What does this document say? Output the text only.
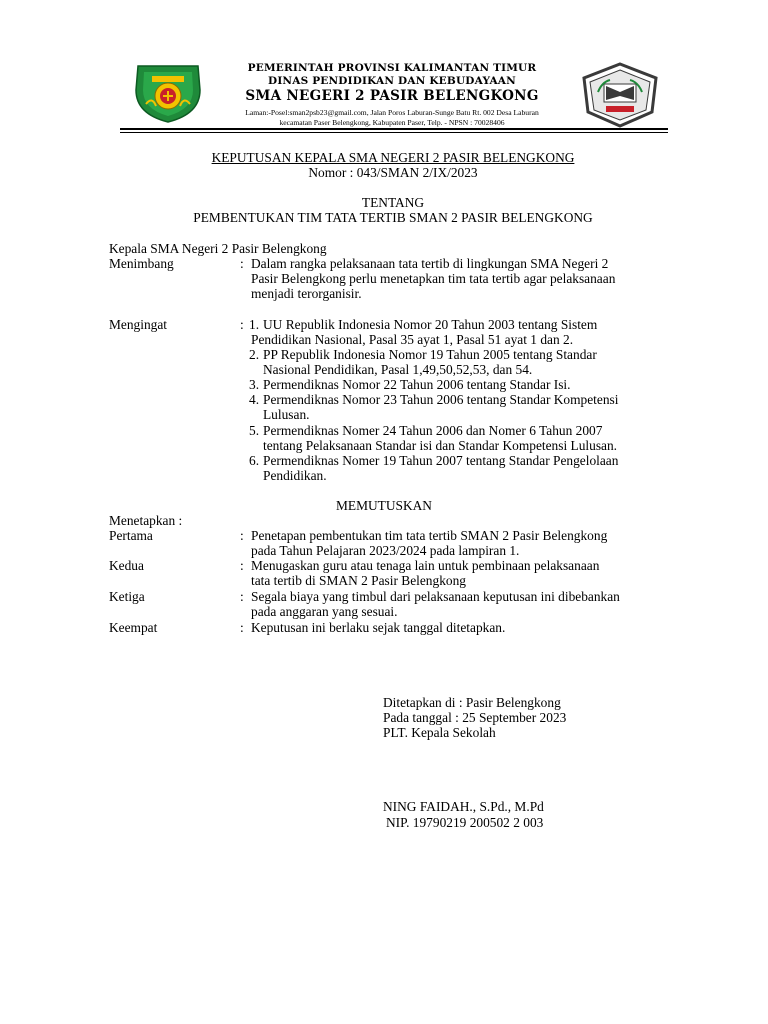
PEMERINTAH PROVINSI KALIMANTAN TIMUR
DINAS PENDIDIKAN DAN KEBUDAYAAN
SMA NEGERI 2 PASIR BELENGKONG
Laman:-Posel:sman2psb23@gmail.com, Jalan Poros Laburan-Sunge Batu Rt. 002 Desa Laburan
kecamatan Paser Belengkong, Kabupaten Paser, Telp. - NPSN : 70028406
KEPUTUSAN KEPALA SMA NEGERI 2 PASIR BELENGKONG
Nomor : 043/SMAN 2/IX/2023
TENTANG
PEMBENTUKAN TIM TATA TERTIB SMAN 2 PASIR BELENGKONG
Kepala SMA Negeri 2 Pasir Belengkong
Menimbang	: Dalam rangka pelaksanaan tata tertib di lingkungan SMA Negeri 2
Pasir Belengkong perlu menetapkan tim tata tertib agar pelaksanaan
menjadi terorganisir.
Mengingat	: 1. UU Republik Indonesia Nomor 20 Tahun 2003 tentang Sistem
Pendidikan Nasional, Pasal 35 ayat 1, Pasal 51 ayat 1 dan 2.
2. PP Republik Indonesia Nomor 19 Tahun 2005 tentang Standar
Nasional Pendidikan, Pasal 1,49,50,52,53, dan 54.
3. Permendiknas Nomor 22 Tahun 2006 tentang Standar Isi.
4. Permendiknas Nomor 23 Tahun 2006 tentang Standar Kompetensi
Lulusan.
5. Permendiknas Nomer 24 Tahun 2006 dan Nomer 6 Tahun 2007
tentang Pelaksanaan Standar isi dan Standar Kompetensi Lulusan.
6. Permendiknas Nomer 19 Tahun 2007 tentang Standar Pengelolaan
Pendidikan.
MEMUTUSKAN
Menetapkan :
Pertama	: Penetapan pembentukan tim tata tertib SMAN 2 Pasir Belengkong
pada Tahun Pelajaran 2023/2024 pada lampiran 1.
Kedua	: Menugaskan guru atau tenaga lain untuk pembinaan pelaksanaan
tata tertib di SMAN 2 Pasir Belengkong
Ketiga	: Segala biaya yang timbul dari pelaksanaan keputusan ini dibebankan
pada anggaran yang sesuai.
Keempat	: Keputusan ini berlaku sejak tanggal ditetapkan.
Ditetapkan di : Pasir Belengkong
Pada tanggal : 25 September 2023
PLT. Kepala Sekolah
NING FAIDAH., S.Pd., M.Pd
NIP. 19790219 200502 2 003
